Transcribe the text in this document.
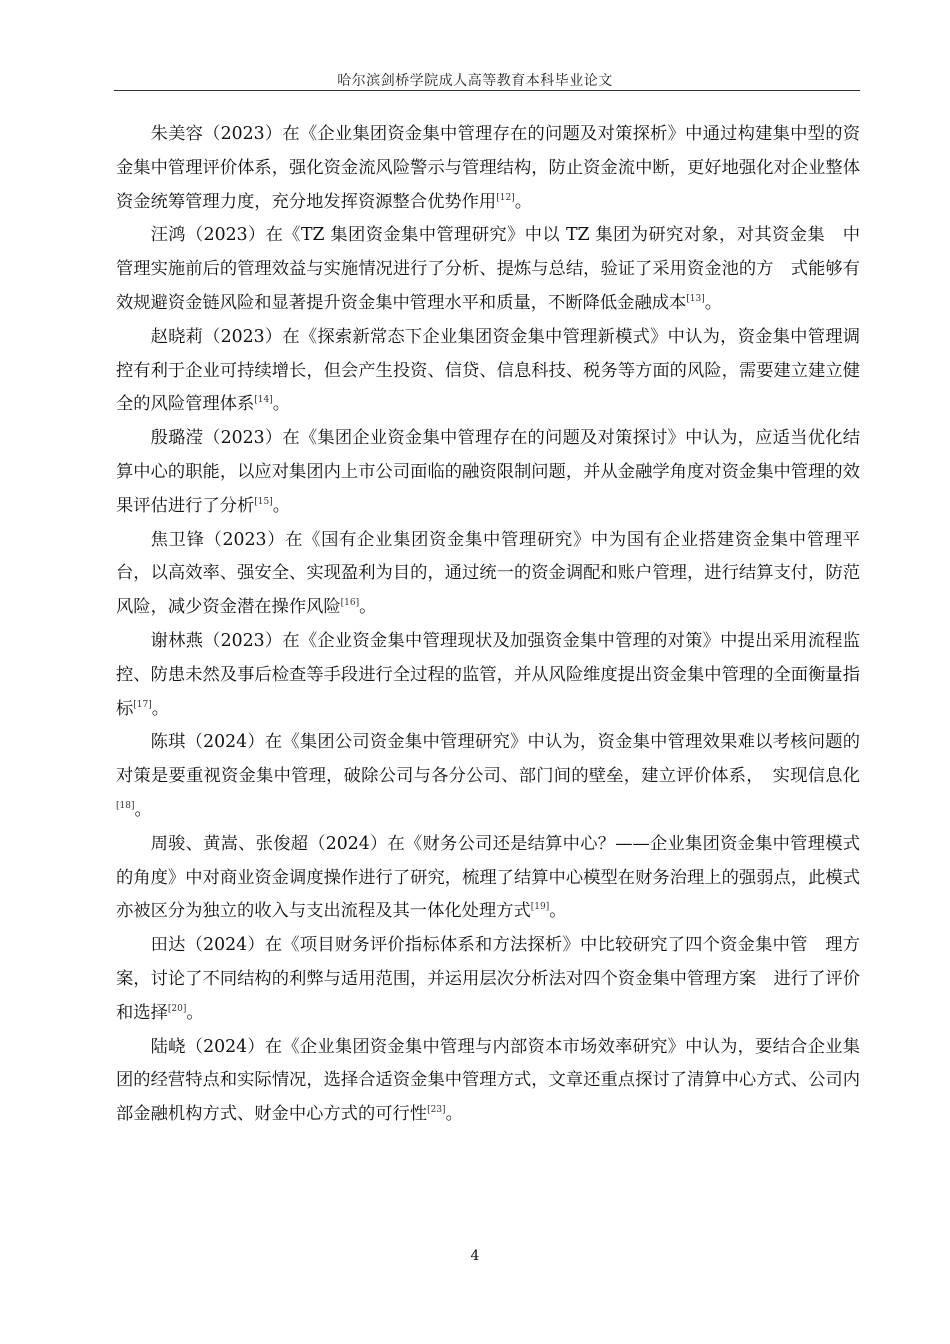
哈尔滨剑桥学院成人高等教育本科毕业论文

朱美容（2023）在《企业集团资金集中管理存在的问题及对策探析》中通过构建集中型的资金集中管理评价体系，强化资金流风险警示与管理结构，防止资金流中断，更好地强化对企业整体资金统筹管理力度，充分地发挥资源整合优势作用[12]。

汪鸿（2023）在《TZ 集团资金集中管理研究》中以 TZ 集团为研究对象，对其资金集　中管理实施前后的管理效益与实施情况进行了分析、提炼与总结，验证了采用资金池的方　式能够有效规避资金链风险和显著提升资金集中管理水平和质量，不断降低金融成本[13]。

赵晓莉（2023）在《探索新常态下企业集团资金集中管理新模式》中认为，资金集中管理调控有利于企业可持续增长，但会产生投资、信贷、信息科技、税务等方面的风险，需要建立建立健全的风险管理体系[14]。

殷璐滢（2023）在《集团企业资金集中管理存在的问题及对策探讨》中认为，应适当优化结算中心的职能，以应对集团内上市公司面临的融资限制问题，并从金融学角度对资金集中管理的效果评估进行了分析[15]。

焦卫锋（2023）在《国有企业集团资金集中管理研究》中为国有企业搭建资金集中管理平台，以高效率、强安全、实现盈利为目的，通过统一的资金调配和账户管理，进行结算支付，防范风险，减少资金潜在操作风险[16]。

谢林燕（2023）在《企业资金集中管理现状及加强资金集中管理的对策》中提出采用流程监控、防患未然及事后检查等手段进行全过程的监管，并从风险维度提出资金集中管理的全面衡量指标[17]。

陈琪（2024）在《集团公司资金集中管理研究》中认为，资金集中管理效果难以考核问题的对策是要重视资金集中管理，破除公司与各分公司、部门间的壁垒，建立评价体系，　实现信息化[18]。

周骏、黄嵩、张俊超（2024）在《财务公司还是结算中心？——企业集团资金集中管理模式的角度》中对商业资金调度操作进行了研究，梳理了结算中心模型在财务治理上的强弱点，此模式亦被区分为独立的收入与支出流程及其一体化处理方式[19]。

田达（2024）在《项目财务评价指标体系和方法探析》中比较研究了四个资金集中管　理方案，讨论了不同结构的利弊与适用范围，并运用层次分析法对四个资金集中管理方案　进行了评价和选择[20]。

陆峣（2024）在《企业集团资金集中管理与内部资本市场效率研究》中认为，要结合企业集团的经营特点和实际情况，选择合适资金集中管理方式，文章还重点探讨了清算中心方式、公司内部金融机构方式、财金中心方式的可行性[23]。

4
